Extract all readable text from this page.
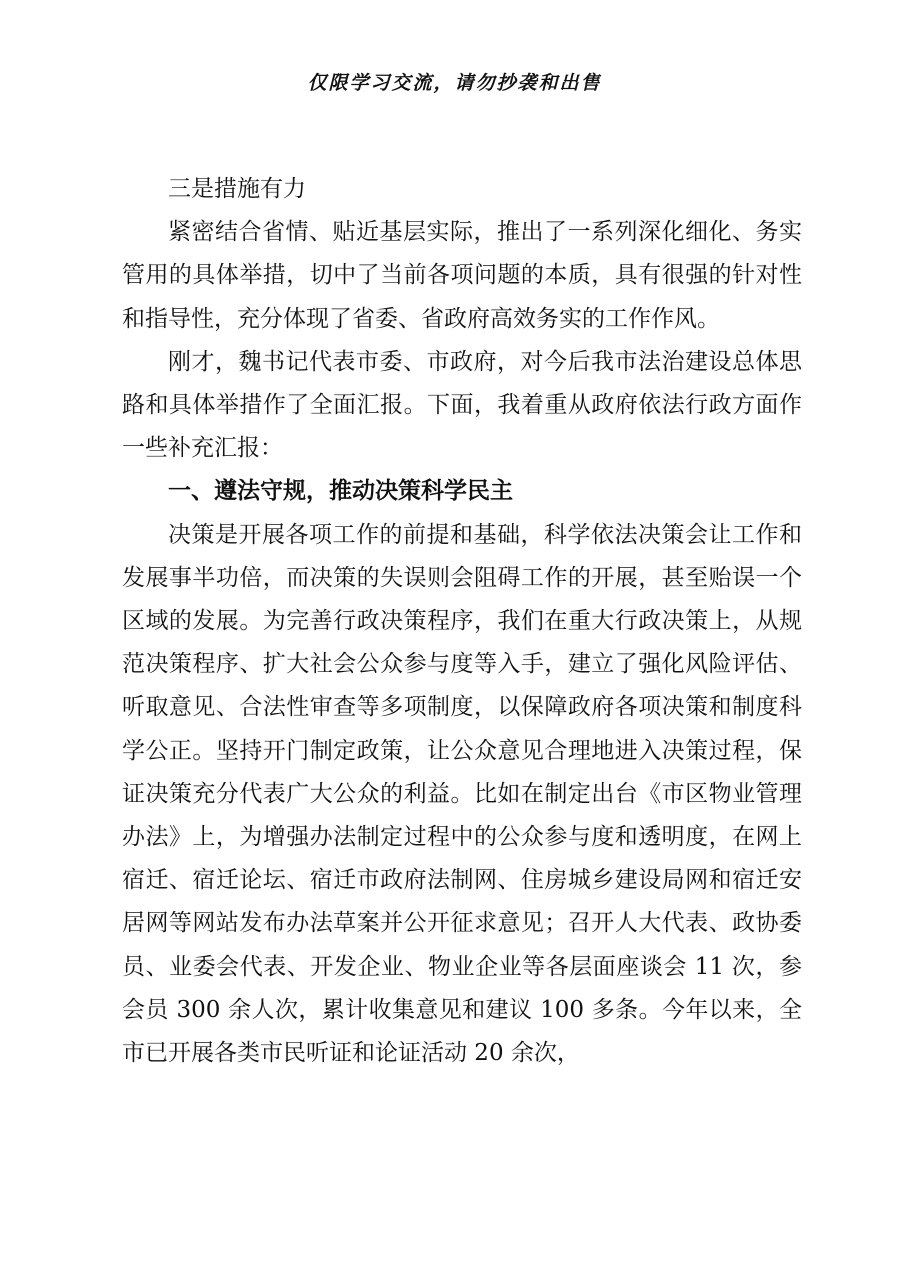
仅限学习交流，请勿抄袭和出售

三是措施有力

紧密结合省情、贴近基层实际，推出了一系列深化细化、务实管用的具体举措，切中了当前各项问题的本质，具有很强的针对性和指导性，充分体现了省委、省政府高效务实的工作作风。

刚才，魏书记代表市委、市政府，对今后我市法治建设总体思路和具体举措作了全面汇报。下面，我着重从政府依法行政方面作一些补充汇报：

一、遵法守规，推动决策科学民主

决策是开展各项工作的前提和基础，科学依法决策会让工作和发展事半功倍，而决策的失误则会阻碍工作的开展，甚至贻误一个区域的发展。为完善行政决策程序，我们在重大行政决策上，从规范决策程序、扩大社会公众参与度等入手，建立了强化风险评估、听取意见、合法性审查等多项制度，以保障政府各项决策和制度科学公正。坚持开门制定政策，让公众意见合理地进入决策过程，保证决策充分代表广大公众的利益。比如在制定出台《市区物业管理办法》上，为增强办法制定过程中的公众参与度和透明度，在网上宿迁、宿迁论坛、宿迁市政府法制网、住房城乡建设局网和宿迁安居网等网站发布办法草案并公开征求意见；召开人大代表、政协委员、业委会代表、开发企业、物业企业等各层面座谈会 11 次，参会员 300 余人次，累计收集意见和建议 100 多条。今年以来，全市已开展各类市民听证和论证活动 20 余次，
